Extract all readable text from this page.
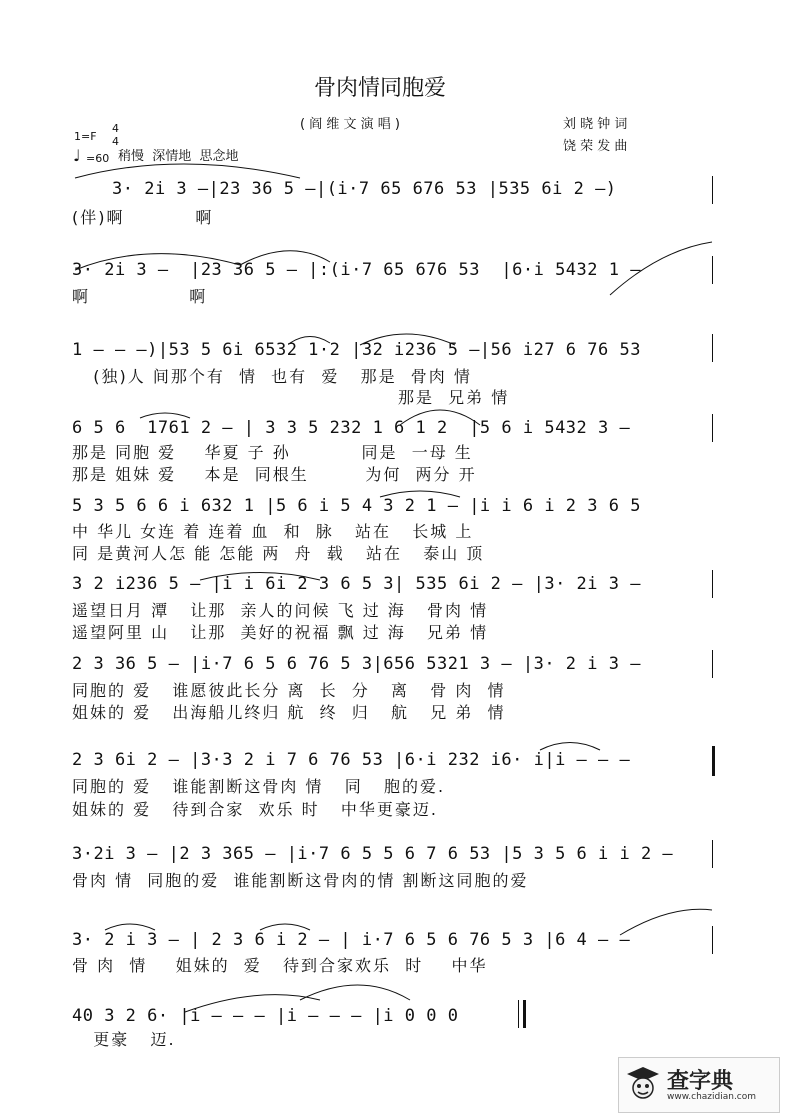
骨肉情同胞爱
( 阎 维 文 演 唱 )	刘 晓 钟 词
饶 荣 发 曲
1=F
4
4
♩ =60 稍慢  深情地  思念地
3· 2i 3 –|23 36 5 –|(i·7 65 676 53 |535 6i 2 –)
(伴)啊          啊
3· 2i 3 –  |23 36 5 – |:(i·7 65 676 53  |6·i 5432 1 –
啊              啊
1 – – –)|53 5 6i 6532 1·2 |32 i236 5 –|56 i27 6 76 53
(独)人 间那个有  情  也有  爱   那是  骨肉 情
那是  兄弟 情
6 5 6  1761 2 – | 3 3 5 232 1 6 1 2  |5 6 i 5432 3 –
那是 同胞 爱    华夏 子 孙          同是  一母 生
那是 姐妹 爱    本是  同根生        为何  两分 开
5 3 5 6 6 i 632 1 |5 6 i 5 4 3 2 1 – |i i 6 i 2 3 6 5
中 华儿 女连 着 连着 血  和  脉   站在   长城 上
同 是黄河人怎 能 怎能 两  舟  载   站在   泰山 顶
3 2 i236 5 – |i i 6i 2 3 6 5 3| 535 6i 2 – |3· 2i 3 –
遥望日月 潭   让那  亲人的问候 飞 过 海   骨肉 情
遥望阿里 山   让那  美好的祝福 飘 过 海   兄弟 情
2 3 36 5 – |i·7 6 5 6 76 5 3|656 5321 3 – |3· 2 i 3 –
同胞的 爱   谁愿彼此长分 离  长  分   离   骨 肉  情
姐妹的 爱   出海船儿终归 航  终  归   航   兄 弟  情
2 3 6i 2 – |3·3 2 i 7 6 76 53 |6·i 232 i6· i|i – – –
同胞的 爱   谁能割断这骨肉 情   同   胞的爱.
姐妹的 爱   待到合家  欢乐 时   中华更豪迈.
3·2i 3 – |2 3 365 – |i·7 6 5 5 6 7 6 53 |5 3 5 6 i i 2 –
骨肉 情  同胞的爱  谁能割断这骨肉的情 割断这同胞的爱
3· 2 i 3 – | 2 3 6 i 2 – | i·7 6 5 6 76 5 3 |6 4 – –
骨 肉  情    姐妹的  爱   待到合家欢乐  时    中华
40 3 2 6· |i – – – |i – – – |i 0 0 0
更豪   迈.
查字典
www.chazidian.com
